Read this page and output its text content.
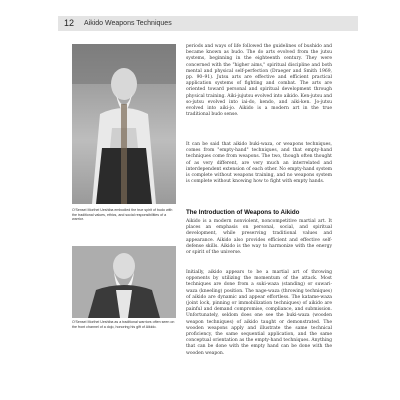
12 Aikido Weapons Techniques
O'Sensei Morihei Ueshiba embodied the true spirit of budo with the traditional values, ethics, and social responsibilities of a warrior.
O'Sensei Morihei Ueshiba as a traditional warriors often seen on the front channel of a dojo, honoring his gift of Aikido.

periods and ways of life followed the guidelines of bushido and became known as budo. The do arts evolved from the jutsu systems, beginning in the eighteenth century. They were concerned with the "higher aims," spiritual discipline and both mental and physical self-perfection (Draeger and Smith 1969, pp. 90–91). Jutsu arts are effective and efficient practical application systems of fighting and combat. The arts are oriented toward personal and spiritual development through physical training. Aiki-jujutsu evolved into aikido. Ken-jutsu and so-jutsu evolved into iai-do, kendo, and aiki-ken. Jo-jutsu evolved into aiki-jo. Aikido is a modern art in the true traditional budo sense.

It can be said that aikido buki-waza, or weapons techniques, comes from "empty-hand" techniques, and that empty-hand techniques come from weapons. The two, though often thought of as very different, are very much an interrelated and interdependent extension of each other. No empty-hand system is complete without weapons training, and no weapons system is complete without knowing how to fight with empty hands.

The Introduction of Weapons to Aikido

Aikido is a modern nonviolent, noncompetitive martial art. It places an emphasis on personal, social, and spiritual development, while preserving traditional values and appearance. Aikido also provides efficient and effective self-defense skills. Aikido is the way to harmonize with the energy or spirit of the universe.

Initially, aikido appears to be a martial art of throwing opponents by utilizing the momentum of the attack. Most techniques are done from a suki-waza (standing) or suwari-waza (kneeling) position. The nage-waza (throwing techniques) of aikido are dynamic and appear effortless. The katame-waza (joint lock, pinning or immobilization techniques) of aikido are painful and demand compromise, compliance, and submission. Unfortunately, seldom does one see the buki-waza (wooden weapon techniques) of aikido taught or demonstrated. The wooden weapons apply and illustrate the same technical proficiency, the same sequential application, and the same conceptual orientation as the empty-hand techniques. Anything that can be done with the empty hand can be done with the wooden weapon.
